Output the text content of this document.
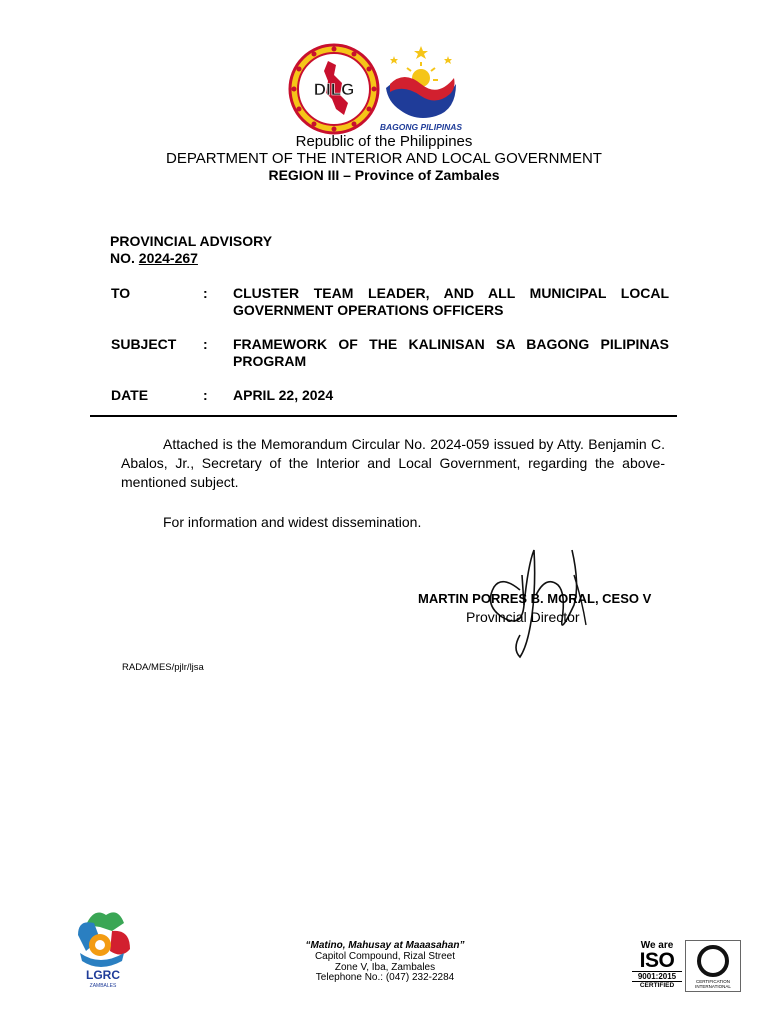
DILG
BAGONG PILIPINAS
Republic of the Philippines
DEPARTMENT OF THE INTERIOR AND LOCAL GOVERNMENT
REGION III – Province of Zambales
PROVINCIAL ADVISORY
NO. 2024-267
TO	: CLUSTER TEAM LEADER, AND ALL MUNICIPAL LOCAL GOVERNMENT OPERATIONS OFFICERS
SUBJECT : FRAMEWORK OF THE KALINISAN SA BAGONG PILIPINAS PROGRAM
DATE	: APRIL 22, 2024
Attached is the Memorandum Circular No. 2024-059 issued by Atty. Benjamin C. Abalos, Jr., Secretary of the Interior and Local Government, regarding the above-mentioned subject.
For information and widest dissemination.
MARTIN PORRES B. MORAL, CESO V
Provincial Director
RADA/MES/pjlr/ljsa
LGRC
ZAMBALES
“Matino, Mahusay at Maaasahan”
Capitol Compound, Rizal Street
Zone V, Iba, Zambales
Telephone No.: (047) 232-2284
We are
ISO
9001:2015
CERTIFIED
CERTIFICATION INTERNATIONAL
